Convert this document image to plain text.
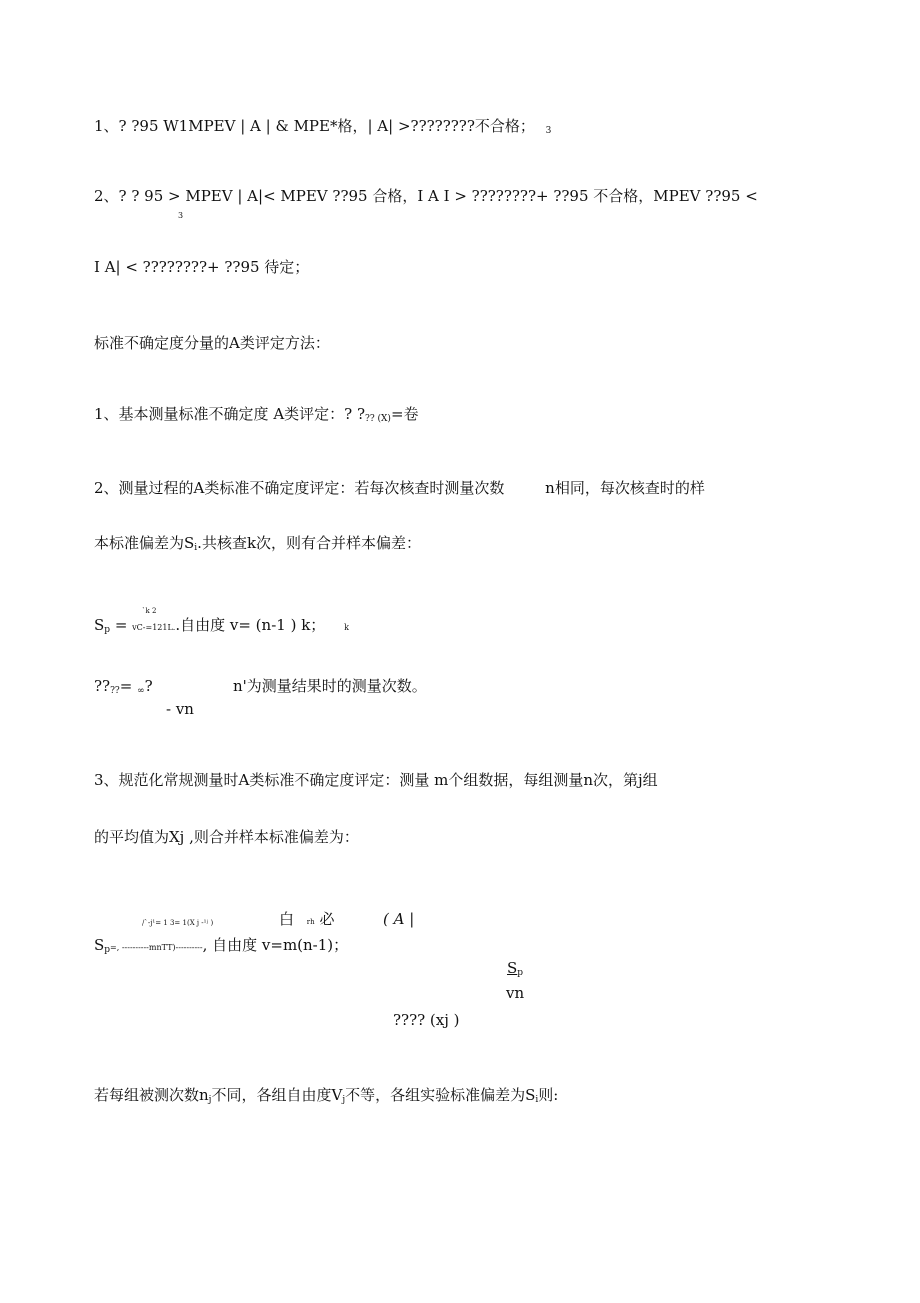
1、? ?95 W1MPEV | A | & MPE*格，| A| >????????不合格； $_3$
2、? ? 95 > MPEV | A|< MPEV ??95 合格，I A I > ????????+ ??95 不合格，MPEV ??95 <
3
I A| < ????????+ ??95 待定；
标准不确定度分量的A类评定方法：
1、基本测量标准不确定度 A类评定：? $?_{?? (X)}=$卷
2、测量过程的A类标准不确定度评定：若每次核查时测量次数	n相同，每次核查时的样
本标准偏差为$S_i$.共核查k次，则有合并样本偏差：
`k 2
$S_p = vC-=121L$..自由度 v= (n-1 ) k； k
$??_{??}= _\infty$?	n'为测量结果时的测量次数。
- vn
3、规范化常规测量时A类标准不确定度评定：测量 m个组数据，每组测量n次，第j组
的平均值为Xj ,则合并样本标准偏差为：
/`-j¹= 1 3= 1(X j -¹ʲ )	白 rh 必	( A |
$S_p=$, ----------mnTT)----------, 自由度 v=m(n-1)；
$S_p$
vn
???? (xj )
若每组被测次数$n_j$不同，各组自由度$V_j$不等，各组实验标准偏差为$S_i$则:
